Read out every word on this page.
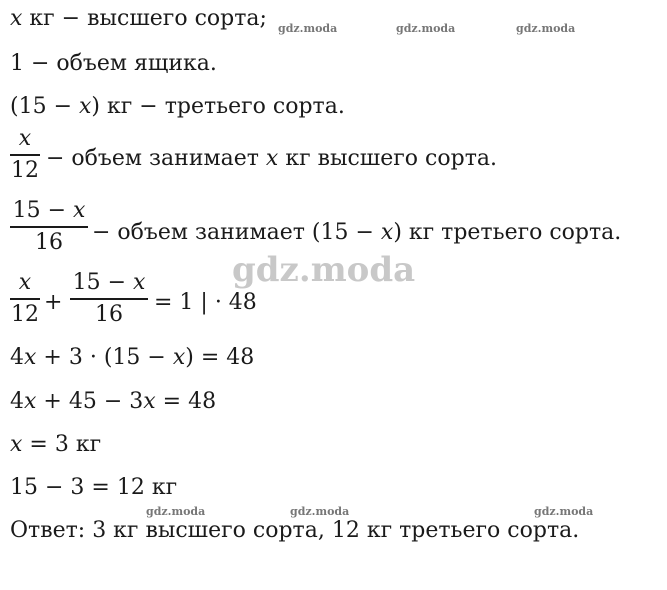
x кг − высшего сорта;
1 − объем ящика.
(15 − x) кг − третьего сорта.
x
12 − объем занимает x кг высшего сорта.
15 − x
16	− объем занимает (15 − x) кг третьего сорта.
x
12 +
15 − x
16	= 1 | · 48
4x + 3 · (15 − x) = 48
4x + 45 − 3x = 48
x = 3 кг
15 − 3 = 12 кг
Ответ: 3 кг высшего сорта, 12 кг третьего сорта.
gdz.moda	gdz.moda	gdz.moda
gdz.moda
gdz.moda	gdz.moda	gdz.moda
